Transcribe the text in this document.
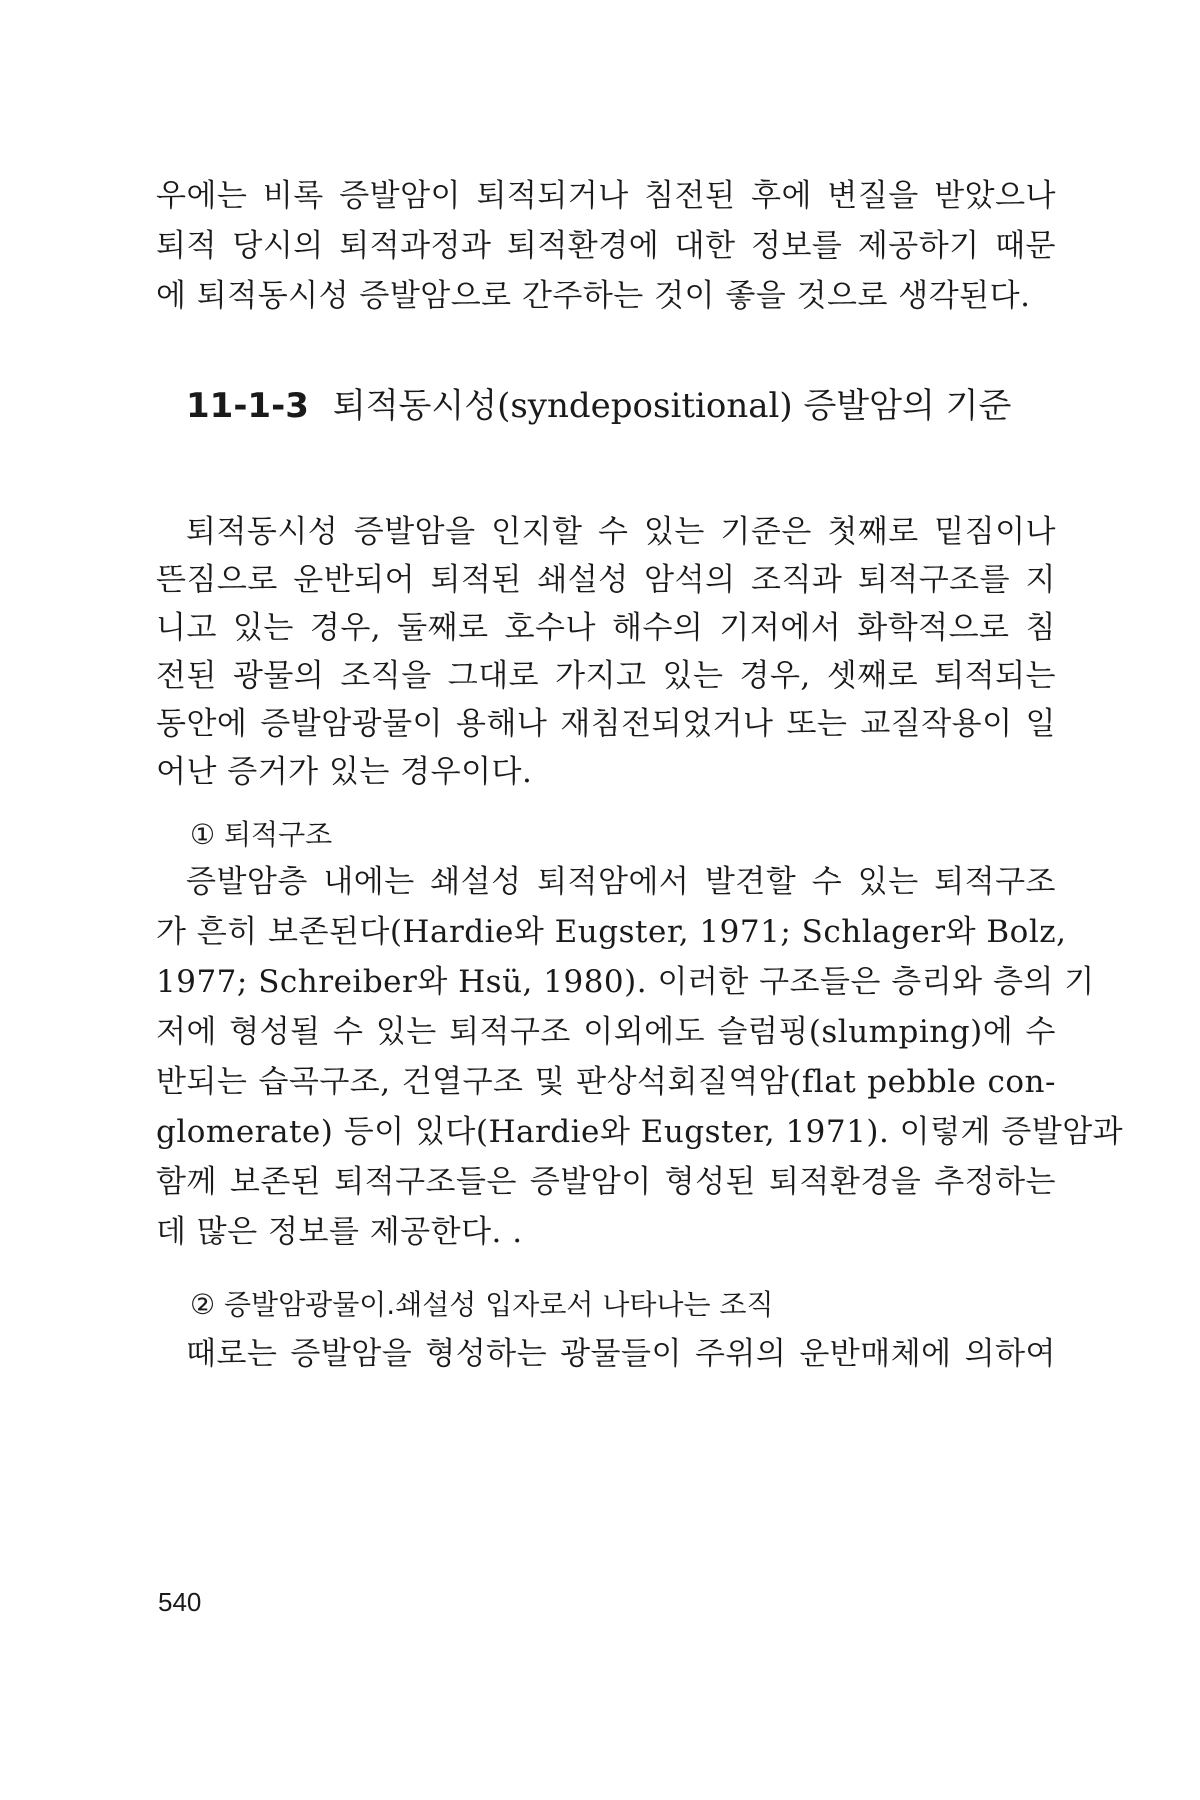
우에는 비록 증발암이 퇴적되거나 침전된 후에 변질을 받았으나
퇴적 당시의 퇴적과정과 퇴적환경에 대한 정보를 제공하기 때문
에 퇴적동시성 증발암으로 간주하는 것이 좋을 것으로 생각된다.
11-1-3 퇴적동시성(syndepositional) 증발암의 기준
퇴적동시성 증발암을 인지할 수 있는 기준은 첫째로 밑짐이나
뜬짐으로 운반되어 퇴적된 쇄설성 암석의 조직과 퇴적구조를 지
니고 있는 경우, 둘째로 호수나 해수의 기저에서 화학적으로 침
전된 광물의 조직을 그대로 가지고 있는 경우, 셋째로 퇴적되는
동안에 증발암광물이 용해나 재침전되었거나 또는 교질작용이 일
어난 증거가 있는 경우이다.
① 퇴적구조
증발암층 내에는 쇄설성 퇴적암에서 발견할 수 있는 퇴적구조
가 흔히 보존된다(Hardie와 Eugster, 1971; Schlager와 Bolz,
1977; Schreiber와 Hsü, 1980). 이러한 구조들은 층리와 층의 기
저에 형성될 수 있는 퇴적구조 이외에도 슬럼핑(slumping)에 수
반되는 습곡구조, 건열구조 및 판상석회질역암(flat pebble con-
glomerate) 등이 있다(Hardie와 Eugster, 1971). 이렇게 증발암과
함께 보존된 퇴적구조들은 증발암이 형성된 퇴적환경을 추정하는
데 많은 정보를 제공한다. .
② 증발암광물이.쇄설성 입자로서 나타나는 조직
때로는 증발암을 형성하는 광물들이 주위의 운반매체에 의하여
540
